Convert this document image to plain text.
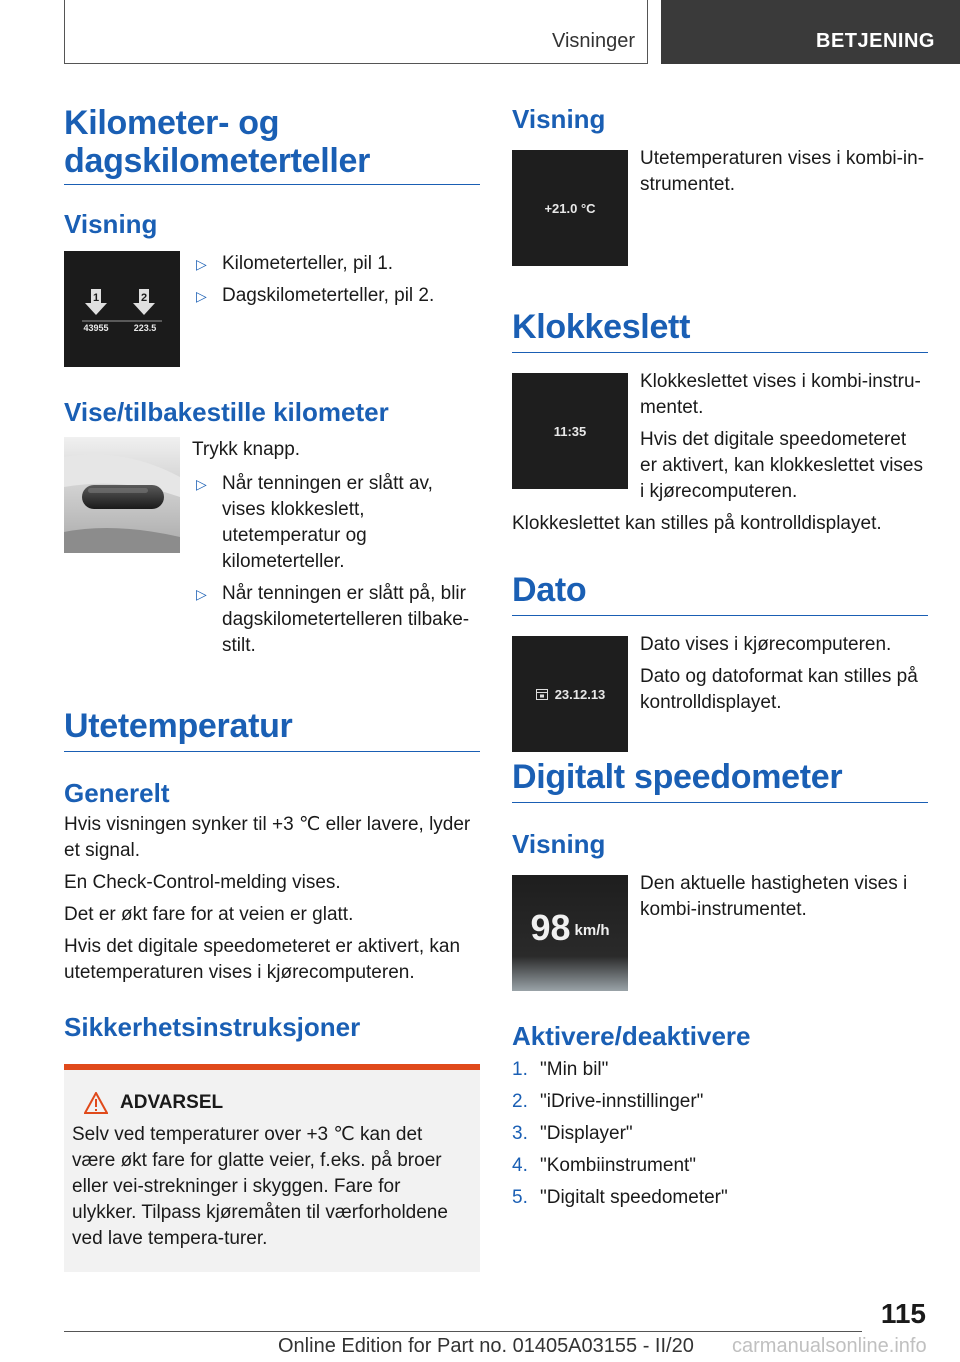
Visninger	BETJENING
Kilometer- og dagskilometerteller
Visning
1	2
43955	223.5
▷ Kilometerteller, pil 1.
▷ Dagskilometerteller, pil 2.
Vise/tilbakestille kilometer

Trykk knapp.

▷ Når tenningen er slått av, vises klokkeslett, utetemperatur og kilometerteller.
▷ Når tenningen er slått på, blir dagskilometertelleren tilbake-stilt.
Utetemperatur
Generelt

Hvis visningen synker til +3 ℃ eller lavere, lyder et signal.

En Check-Control-melding vises.

Det er økt fare for at veien er glatt.

Hvis det digitale speedometeret er aktivert, kan utetemperaturen vises i kjørecomputeren.

Sikkerhetsinstruksjoner
ADVARSEL

Selv ved temperaturer over +3 ℃ kan det være økt fare for glatte veier, f.eks. på broer eller vei-strekninger i skyggen. Fare for ulykker. Tilpass kjøremåten til værforholdene ved lave tempera-turer.

Visning
+21.0 °C

Utetemperaturen vises i kombi-in-strumentet.

Klokkeslett
11:35

Klokkeslettet vises i kombi-instru-mentet.

Hvis det digitale speedometeret er aktivert, kan klokkeslettet vises i kjørecomputeren.

Klokkeslettet kan stilles på kontrolldisplayet.

Dato
23.12.13

Dato vises i kjørecomputeren.

Dato og datoformat kan stilles på kontrolldisplayet.

Digitalt speedometer
Visning
98 km/h

Den aktuelle hastigheten vises i kombi-instrumentet.

Aktivere/deaktivere
1. "Min bil"
2. "iDrive-innstillinger"
3. "Displayer"
4. "Kombiinstrument"
5. "Digitalt speedometer"
115
Online Edition for Part no. 01405A03155 - II/20 carmanualsonline.info
